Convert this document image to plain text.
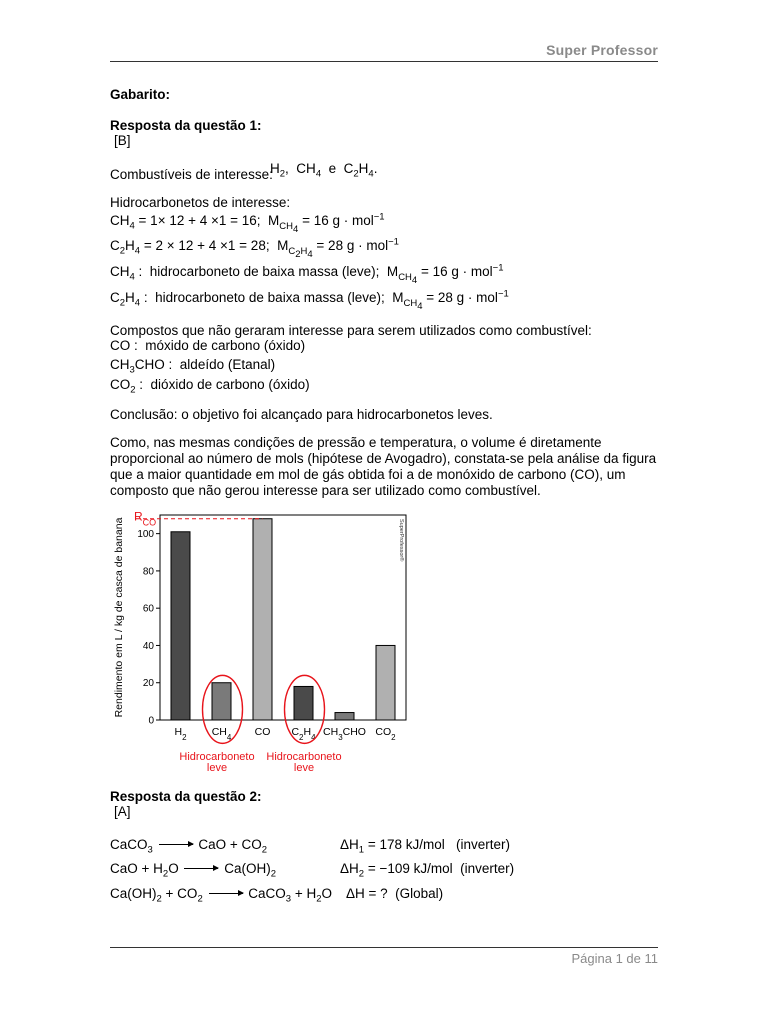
Super Professor
Gabarito:
Resposta da questão 1:
[B]
Combustíveis de interesse:
$H_2$,  $CH_4$  e  $C_2H_4$.
Hidrocarbonetos de interesse:
$CH_4 = 1\times 12 + 4 \times 1 = 16$;  $M_{CH_4} = 16$ g · mol$^{-1}$
$C_2H_4 = 2 \times 12 + 4 \times 1 = 28$;  $M_{C_2H_4} = 28$ g · mol$^{-1}$
$CH_4$ :  hidrocarboneto de baixa massa (leve);  $M_{CH_4} = 16$ g · mol$^{-1}$
$C_2H_4$ :  hidrocarboneto de baixa massa (leve);  $M_{CH_4} = 28$ g · mol$^{-1}$
Compostos que não geraram interesse para serem utilizados como combustível:
CO :  móxido de carbono (óxido)
$CH_3CHO$ :  aldeído (Etanal)
$CO_2$ :  dióxido de carbono (óxido)
Conclusão: o objetivo foi alcançado para hidrocarbonetos leves.
Como, nas mesmas condições de pressão e temperatura, o volume é diretamente proporcional ao número de mols (hipótese de Avogadro), constata-se pela análise da figura que a maior quantidade em mol de gás obtida foi a de monóxido de carbono (CO), um composto que não gerou interesse para ser utilizado como combustível.
0
20
40
60
80
100
Rendimento em L / kg de casca de banana
$H_2$ $CH_4$ CO $C_2H_4$ $CH_3CHO$ $CO_2$
$R_{CO}$	SuperProfessor®
Hidrocarboneto leve
Hidrocarboneto leve
Resposta da questão 2:
[A]
CaCO$_3$	CaO + $CO_2$	$\Delta H_1 = 178$ kJ/mol   (inverter)
CaO + $H_2O$	$Ca(OH)_2$	$\Delta H_2 = -109$ kJ/mol  (inverter)
$Ca(OH)_2 + CO_2$	CaCO$_3$ + $H_2O$ ΔH = ?  (Global)
Página 1 de 11
